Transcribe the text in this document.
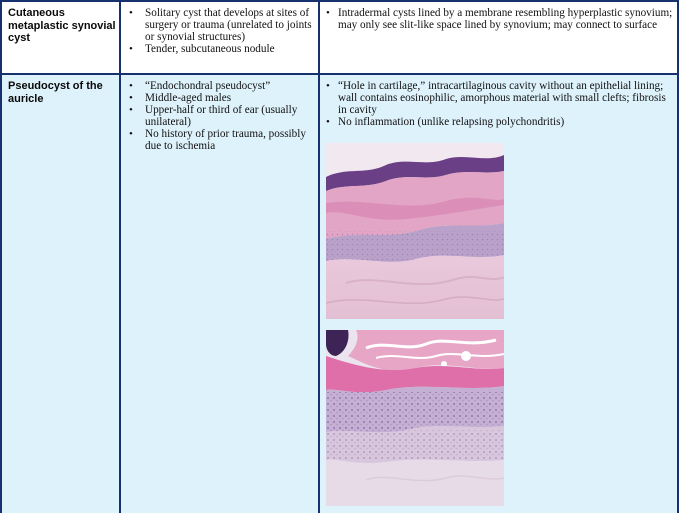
Cutaneous metaplastic synovial cyst
• Solitary cyst that develops at sites of surgery or trauma (unrelated to joints or synovial structures)
• Tender, subcutaneous nodule
• Intradermal cysts lined by a membrane resembling hyperplastic synovium; may only see slit-like space lined by synovium; may connect to surface
Pseudocyst of the auricle
• “Endochondral pseudocyst”
• Middle-aged males
• Upper-half or third of ear (usually unilateral)
• No history of prior trauma, possibly due to ischemia
• “Hole in cartilage,” intracartilaginous cavity without an epithelial lining; wall contains eosinophilic, amorphous material with small clefts; fibrosis in cavity
• No inflammation (unlike relapsing polychondritis)
